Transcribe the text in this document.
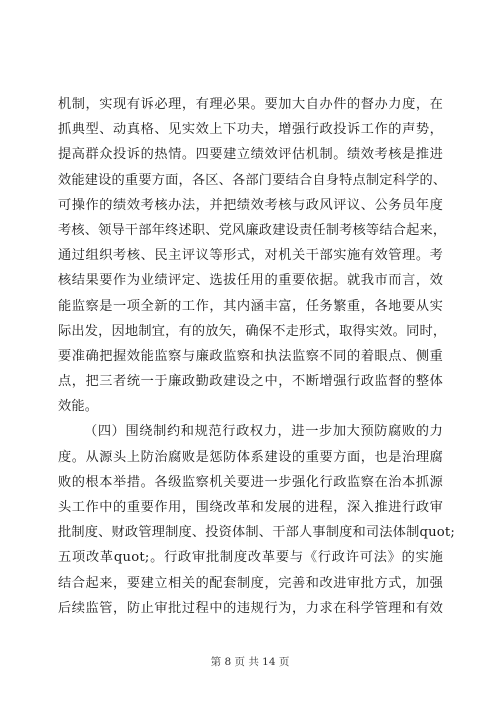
机制，实现有诉必理，有理必果。要加大自办件的督办力度，在
抓典型、动真格、见实效上下功夫，增强行政投诉工作的声势，
提高群众投诉的热情。四要建立绩效评估机制。绩效考核是推进
效能建设的重要方面，各区、各部门要结合自身特点制定科学的、
可操作的绩效考核办法，并把绩效考核与政风评议、公务员年度
考核、领导干部年终述职、党风廉政建设责任制考核等结合起来，
通过组织考核、民主评议等形式，对机关干部实施有效管理。考
核结果要作为业绩评定、选拔任用的重要依据。就我市而言，效
能监察是一项全新的工作，其内涵丰富，任务繁重，各地要从实
际出发，因地制宜，有的放矢，确保不走形式，取得实效。同时，
要准确把握效能监察与廉政监察和执法监察不同的着眼点、侧重
点，把三者统一于廉政勤政建设之中，不断增强行政监督的整体
效能。
（四）围绕制约和规范行政权力，进一步加大预防腐败的力
度。从源头上防治腐败是惩防体系建设的重要方面，也是治理腐
败的根本举措。各级监察机关要进一步强化行政监察在治本抓源
头工作中的重要作用，围绕改革和发展的进程，深入推进行政审
批制度、财政管理制度、投资体制、干部人事制度和司法体制quot;
五项改革quot;。行政审批制度改革要与《行政许可法》的实施
结合起来，要建立相关的配套制度，完善和改进审批方式，加强
后续监管，防止审批过程中的违规行为，力求在科学管理和有效
第 8 页 共 14 页
